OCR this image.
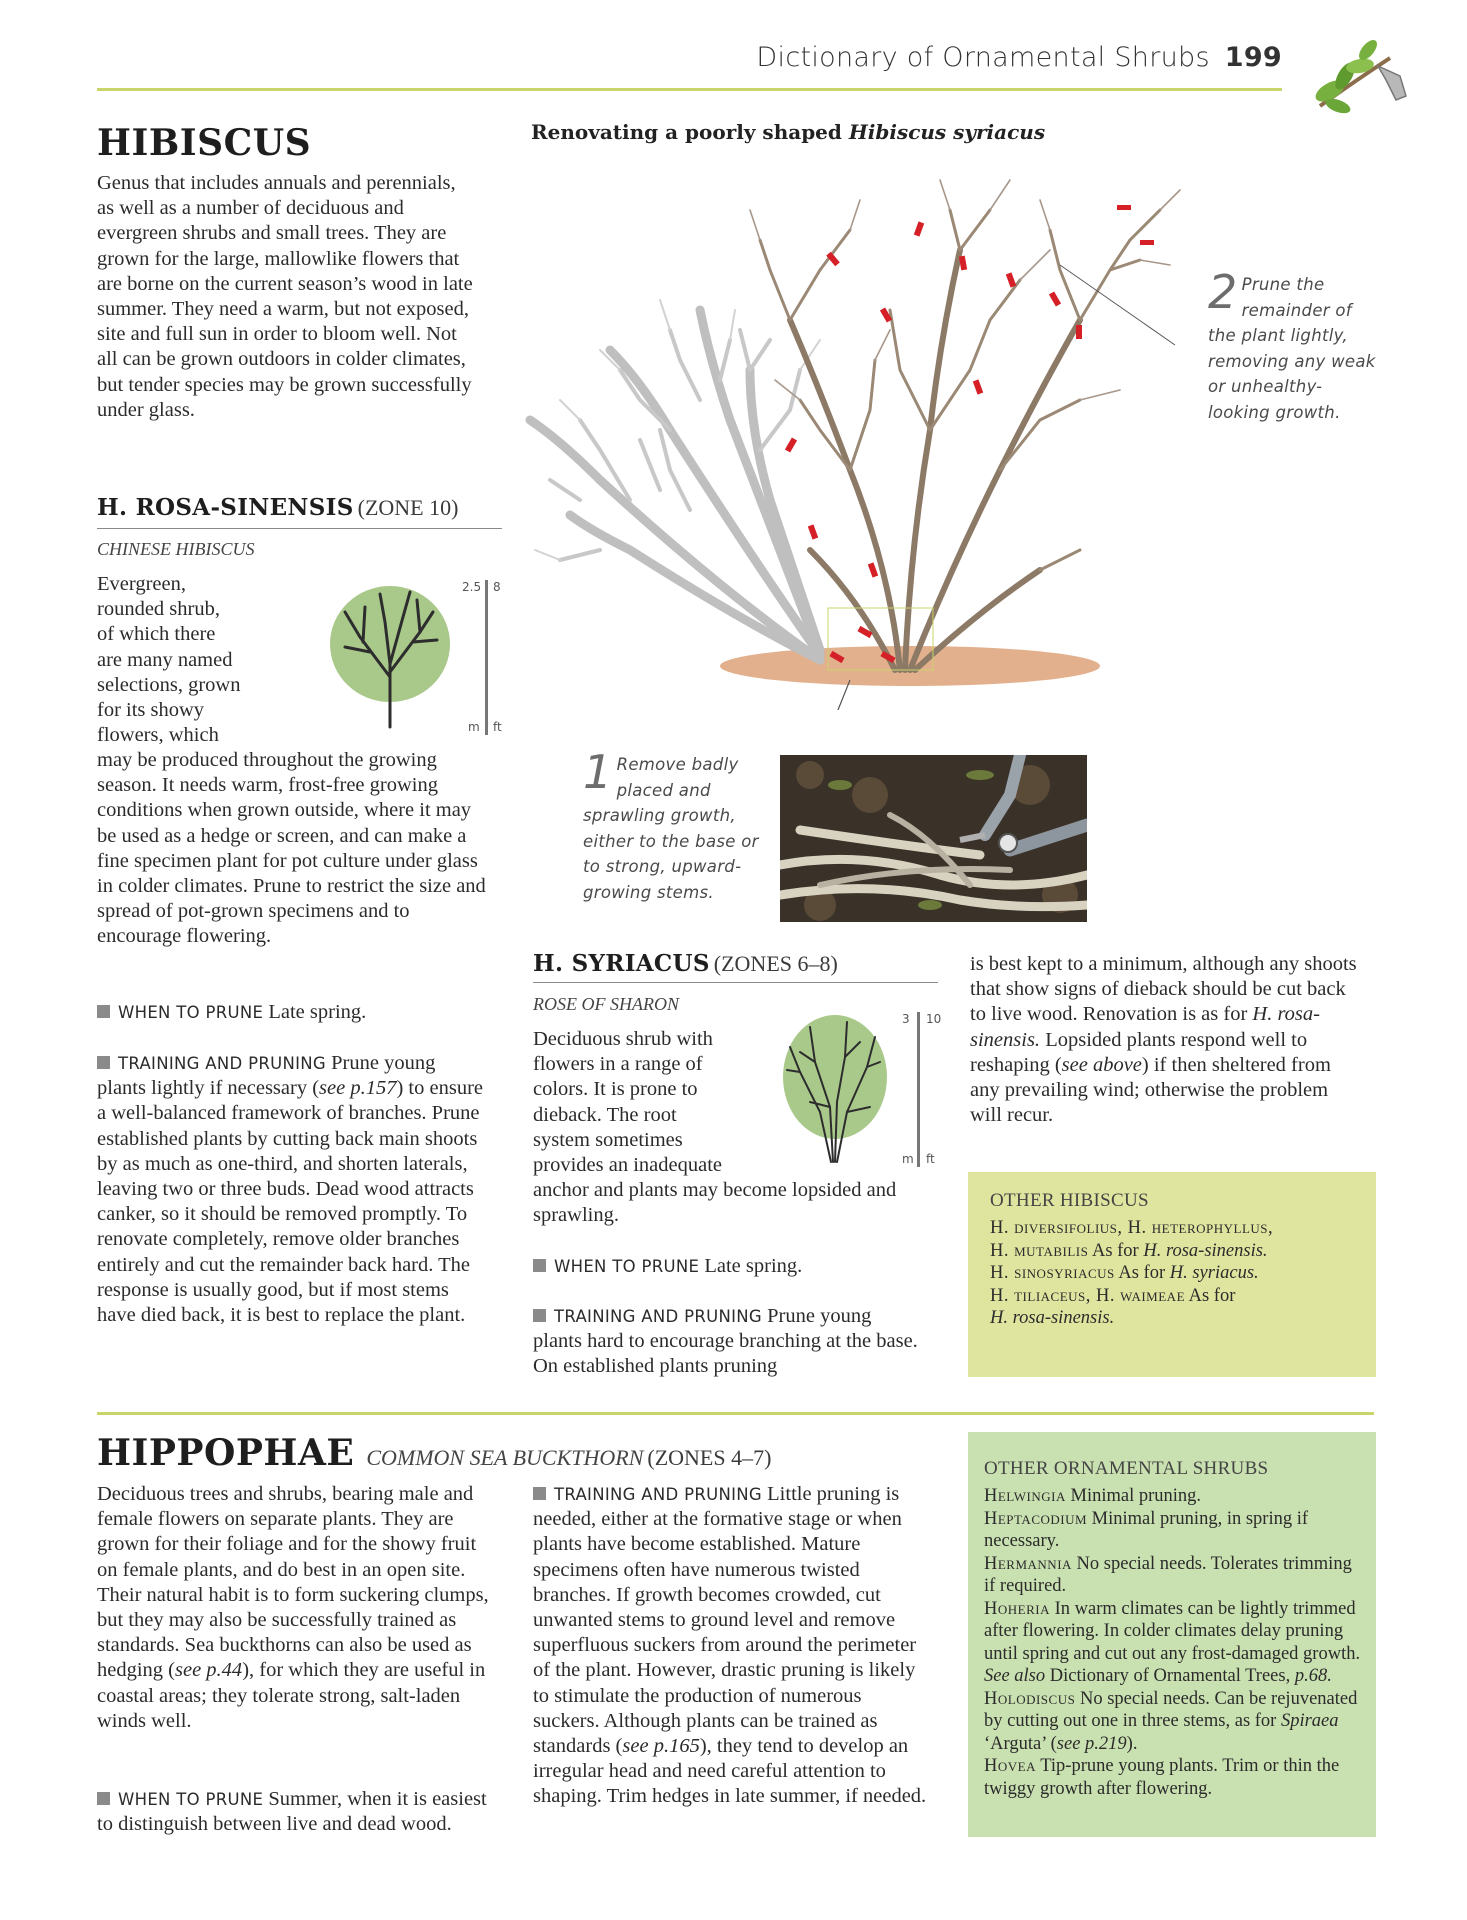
Dictionary of Ornamental Shrubs 199
HIBISCUS
Genus that includes annuals and perennials, as well as a number of deciduous and evergreen shrubs and small trees. They are grown for the large, mallowlike flowers that are borne on the current season’s wood in late summer. They need a warm, but not exposed, site and full sun in order to bloom well. Not all can be grown outdoors in colder climates, but tender species may be grown successfully under glass.
H. ROSA-SINENSIS (ZONE 10)
CHINESE HIBISCUS
Evergreen,
rounded shrub,
of which there
are many named
selections, grown
for its showy
flowers, which
2.5 8
m ft
may be produced throughout the growing season. It needs warm, frost-free growing conditions when grown outside, where it may be used as a hedge or screen, and can make a fine specimen plant for pot culture under glass in colder climates. Prune to restrict the size and spread of pot-grown specimens and to encourage flowering.
WHEN TO PRUNE Late spring.
TRAINING AND PRUNING Prune young plants lightly if necessary (see p.157) to ensure a well-balanced framework of branches. Prune established plants by cutting back main shoots by as much as one-third, and shorten laterals, leaving two or three buds. Dead wood attracts canker, so it should be removed promptly. To renovate completely, remove older branches entirely and cut the remainder back hard. The response is usually good, but if most stems have died back, it is best to replace the plant.
Renovating a poorly shaped Hibiscus syriacus
2 Prune the remainder of the plant lightly, removing any weak or unhealthy-looking growth.
1 Remove badly placed and sprawling growth, either to the base or to strong, upward-growing stems.
H. SYRIACUS (ZONES 6–8)
ROSE OF SHARON
Deciduous shrub with
flowers in a range of
colors. It is prone to
dieback. The root
system sometimes
provides an inadequate
3 10
m ft
anchor and plants may become lopsided and sprawling.
WHEN TO PRUNE Late spring.
TRAINING AND PRUNING Prune young plants hard to encourage branching at the base. On established plants pruning
is best kept to a minimum, although any shoots that show signs of dieback should be cut back to live wood. Renovation is as for H. rosa-sinensis. Lopsided plants respond well to reshaping (see above) if then sheltered from any prevailing wind; otherwise the problem will recur.
OTHER HIBISCUS
H. diversifolius, H. heterophyllus,
H. mutabilis As for H. rosa-sinensis.
H. sinosyriacus As for H. syriacus.
H. tiliaceus, H. waimeae As for
H. rosa-sinensis.
HIPPOPHAE COMMON SEA BUCKTHORN (ZONES 4–7)
Deciduous trees and shrubs, bearing male and female flowers on separate plants. They are grown for their foliage and for the showy fruit on female plants, and do best in an open site. Their natural habit is to form suckering clumps, but they may also be successfully trained as standards. Sea buckthorns can also be used as hedging (see p.44), for which they are useful in coastal areas; they tolerate strong, salt-laden winds well.
WHEN TO PRUNE Summer, when it is easiest to distinguish between live and dead wood.
TRAINING AND PRUNING Little pruning is needed, either at the formative stage or when plants have become established. Mature specimens often have numerous twisted branches. If growth becomes crowded, cut unwanted stems to ground level and remove superfluous suckers from around the perimeter of the plant. However, drastic pruning is likely to stimulate the production of numerous suckers. Although plants can be trained as standards (see p.165), they tend to develop an irregular head and need careful attention to shaping. Trim hedges in late summer, if needed.
OTHER ORNAMENTAL SHRUBS
Helwingia Minimal pruning.
Heptacodium Minimal pruning, in spring if necessary.
Hermannia No special needs. Tolerates trimming if required.
Hoheria In warm climates can be lightly trimmed after flowering. In colder climates delay pruning until spring and cut out any frost-damaged growth. See also Dictionary of Ornamental Trees, p.68.
Holodiscus No special needs. Can be rejuvenated by cutting out one in three stems, as for Spiraea ‘Arguta’ (see p.219).
Hovea Tip-prune young plants. Trim or thin the twiggy growth after flowering.
